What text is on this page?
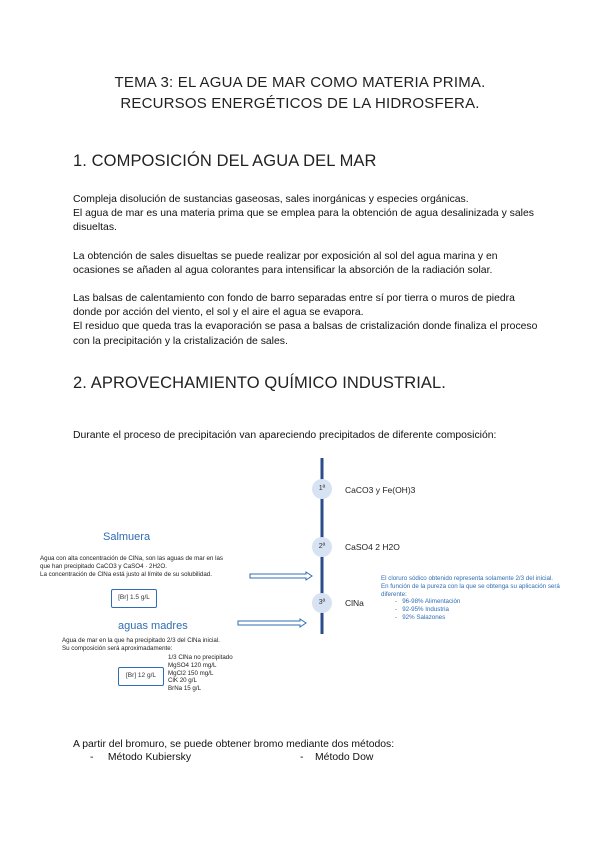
TEMA 3: EL AGUA DE MAR COMO MATERIA PRIMA.
RECURSOS ENERGÉTICOS DE LA HIDROSFERA.
1. COMPOSICIÓN DEL AGUA DEL MAR

Compleja disolución de sustancias gaseosas, sales inorgánicas y especies orgánicas.

El agua de mar es una materia prima que se emplea para la obtención de agua desalinizada y sales disueltas.

La obtención de sales disueltas se puede realizar por exposición al sol del agua marina y en ocasiones se añaden al agua colorantes para intensificar la absorción de la radiación solar.

Las balsas de calentamiento con fondo de barro separadas entre sí por tierra o muros de piedra donde por acción del viento, el sol y el aire el agua se evapora.

El residuo que queda tras la evaporación se pasa a balsas de cristalización donde finaliza el proceso con la precipitación y la cristalización de sales.

2. APROVECHAMIENTO QUÍMICO INDUSTRIAL.
Durante el proceso de precipitación van apareciendo precipitados de diferente composición:
1ª	CaCO3 y Fe(OH)3
2ª	CaSO4 2 H2O
3ª	ClNa
Salmuera
Agua con alta concentración de ClNa, son las aguas de mar en las
que han precipitado CaCO3 y CaSO4 · 2H2O.
La concentración de ClNa está justo al límite de su solubilidad.
[Br] 1.5 g/L
aguas madres
El cloruro sódico obtenido representa solamente 2/3 del inicial.
En función de la pureza con la que se obtenga su aplicación será
diferente:
-   96-98% Alimentación
-   92-95% Industria
-   92% Salazones
Agua de mar en la que ha precipitado 2/3 del ClNa inicial.
Su composición será aproximadamente:
1/3 ClNa no precipitado
MgSO4 120 mg/L
MgCl2 150 mg/L
ClK 20 g/L
BrNa 15 g/L
[Br] 12 g/L
A partir del bromuro, se puede obtener bromo mediante dos métodos:
-     Método Kubiersky	-    Método Dow
